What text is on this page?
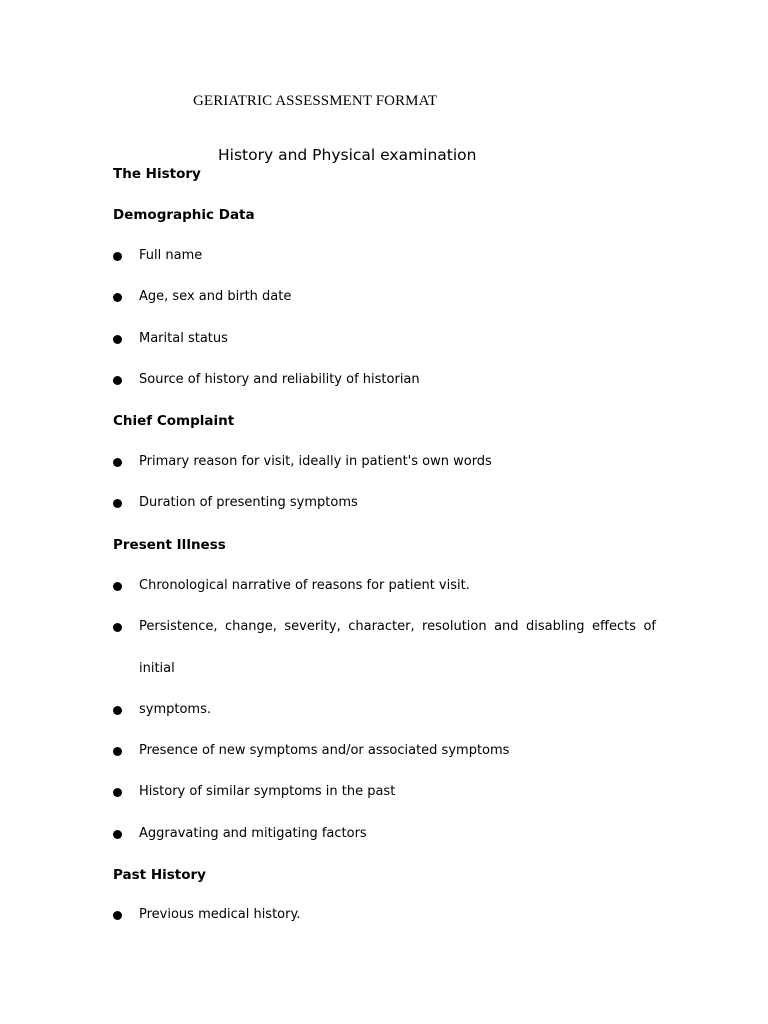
GERIATRIC ASSESSMENT FORMAT
History and Physical examination
The History
Demographic Data
Full name
Age, sex and birth date
Marital status
Source of history and reliability of historian
Chief Complaint
Primary reason for visit, ideally in patient's own words
Duration of presenting symptoms
Present Illness
Chronological narrative of reasons for patient visit.
Persistence, change, severity, character, resolution and disabling effects of
initial
symptoms.
Presence of new symptoms and/or associated symptoms
History of similar symptoms in the past
Aggravating and mitigating factors
Past History
Previous medical history.
